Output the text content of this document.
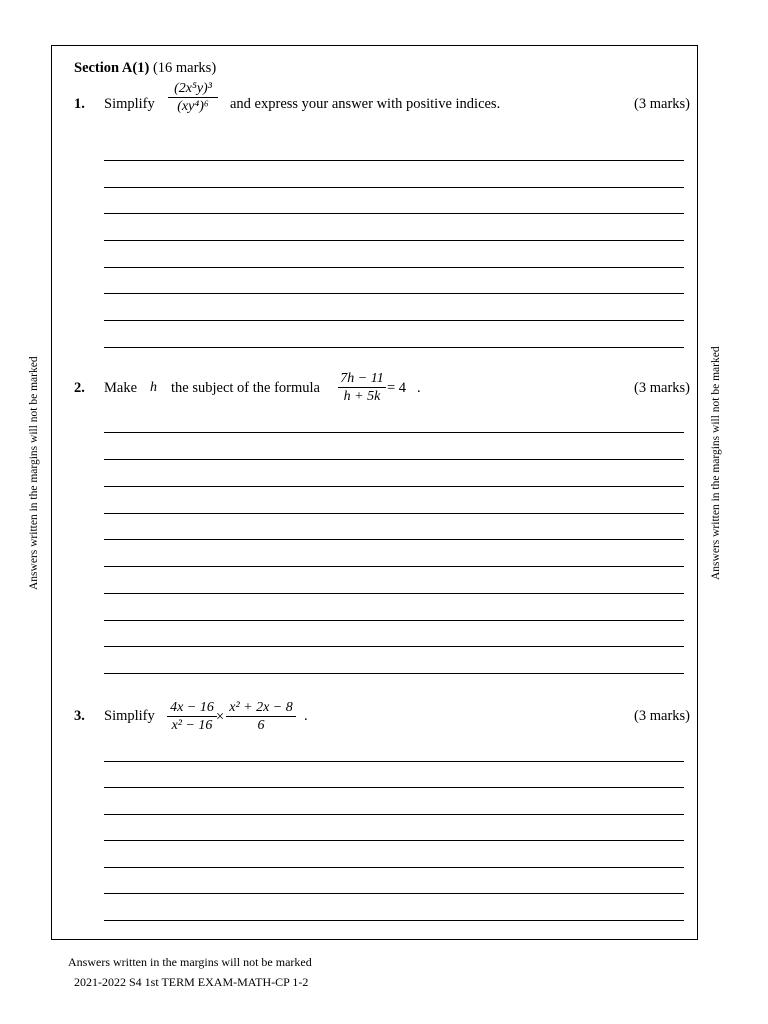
Answers written in the margins will not be marked	Answers written in the margins will not be marked
Section A(1) (16 marks)
1. Simplify
(2x⁵y)³
(xy⁴)⁶ and express your answer with positive indices.	(3 marks)
2. Make h the subject of the formula
7h − 11
h + 5k
= 4 .	(3 marks)
3. Simplify
4x − 16
x² − 16
×
x² + 2x − 8
6
.	(3 marks)
Answers written in the margins will not be marked
2021-2022 S4 1st TERM EXAM-MATH-CP 1-2
